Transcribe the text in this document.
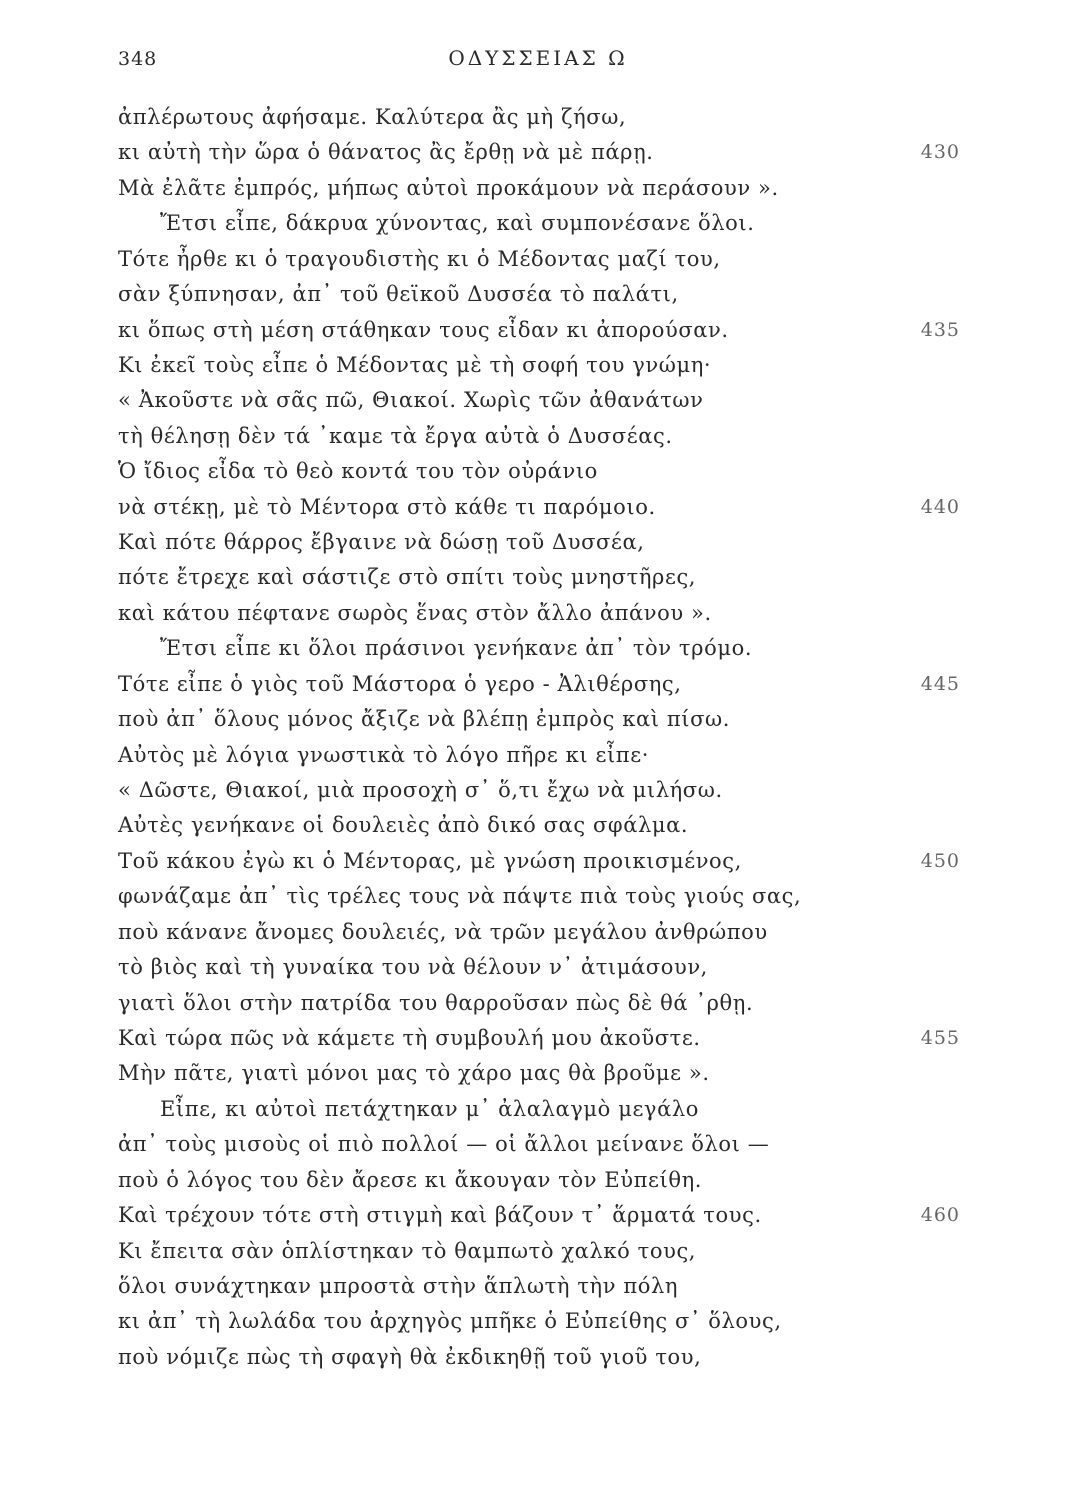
348	ΟΔΥΣΣΕΙΑΣ Ω
ἀπλέρωτους ἀφήσαμε. Καλύτερα ἂς μὴ ζήσω,
κι αὐτὴ τὴν ὥρα ὁ θάνατος ἂς ἔρθῃ νὰ μὲ πάρῃ.	430
Μὰ ἐλᾶτε ἐμπρός, μήπως αὐτοὶ προκάμουν νὰ περάσουν ».
Ἔτσι εἶπε, δάκρυα χύνοντας, καὶ συμπονέσανε ὅλοι.
Τότε ἦρθε κι ὁ τραγουδιστὴς κι ὁ Μέδοντας μαζί του,
σὰν ξύπνησαν, ἀπ᾽ τοῦ θεϊκοῦ Δυσσέα τὸ παλάτι,
κι ὅπως στὴ μέση στάθηκαν τους εἶδαν κι ἀπορούσαν.	435
Κι ἐκεῖ τοὺς εἶπε ὁ Μέδοντας μὲ τὴ σοφή του γνώμη·
« Ἀκοῦστε νὰ σᾶς πῶ, Θιακοί. Χωρὶς τῶν ἀθανάτων
τὴ θέλησῃ δὲν τά ᾽καμε τὰ ἔργα αὐτὰ ὁ Δυσσέας.
Ὁ ἴδιος εἶδα τὸ θεὸ κοντά του τὸν οὐράνιο
νὰ στέκῃ, μὲ τὸ Μέντορα στὸ κάθε τι παρόμοιο.	440
Καὶ πότε θάρρος ἔβγαινε νὰ δώσῃ τοῦ Δυσσέα,
πότε ἔτρεχε καὶ σάστιζε στὸ σπίτι τοὺς μνηστῆρες,
καὶ κάτου πέφτανε σωρὸς ἕνας στὸν ἄλλο ἀπάνου ».
Ἔτσι εἶπε κι ὅλοι πράσινοι γενήκανε ἀπ᾽ τὸν τρόμο.
Τότε εἶπε ὁ γιὸς τοῦ Μάστορα ὁ γερο - Ἀλιθέρσης,	445
ποὺ ἀπ᾽ ὅλους μόνος ἄξιζε νὰ βλέπῃ ἐμπρὸς καὶ πίσω.
Αὐτὸς μὲ λόγια γνωστικὰ τὸ λόγο πῆρε κι εἶπε·
« Δῶστε, Θιακοί, μιὰ προσοχὴ σ᾽ ὅ,τι ἔχω νὰ μιλήσω.
Αὐτὲς γενήκανε οἱ δουλειὲς ἀπὸ δικό σας σφάλμα.
Τοῦ κάκου ἐγὼ κι ὁ Μέντορας, μὲ γνώση προικισμένος,	450
φωνάζαμε ἀπ᾽ τὶς τρέλες τους νὰ πάψτε πιὰ τοὺς γιούς σας,
ποὺ κάνανε ἄνομες δουλειές, νὰ τρῶν μεγάλου ἀνθρώπου
τὸ βιὸς καὶ τὴ γυναίκα του νὰ θέλουν ν᾽ ἀτιμάσουν,
γιατὶ ὅλοι στὴν πατρίδα του θαρροῦσαν πὼς δὲ θά ᾽ρθῃ.
Καὶ τώρα πῶς νὰ κάμετε τὴ συμβουλή μου ἀκοῦστε.	455
Μὴν πᾶτε, γιατὶ μόνοι μας τὸ χάρο μας θὰ βροῦμε ».
Εἶπε, κι αὐτοὶ πετάχτηκαν μ᾽ ἀλαλαγμὸ μεγάλο
ἀπ᾽ τοὺς μισοὺς οἱ πιὸ πολλοί — οἱ ἄλλοι μείνανε ὅλοι —
ποὺ ὁ λόγος του δὲν ἄρεσε κι ἄκουγαν τὸν Εὐπείθη.
Καὶ τρέχουν τότε στὴ στιγμὴ καὶ βάζουν τ᾽ ἅρματά τους.	460
Κι ἔπειτα σὰν ὁπλίστηκαν τὸ θαμπωτὸ χαλκό τους,
ὅλοι συνάχτηκαν μπροστὰ στὴν ἅπλωτὴ τὴν πόλη
κι ἀπ᾽ τὴ λωλάδα του ἀρχηγὸς μπῆκε ὁ Εὐπείθης σ᾽ ὅλους,
ποὺ νόμιζε πὼς τὴ σφαγὴ θὰ ἐκδικηθῇ τοῦ γιοῦ του,
